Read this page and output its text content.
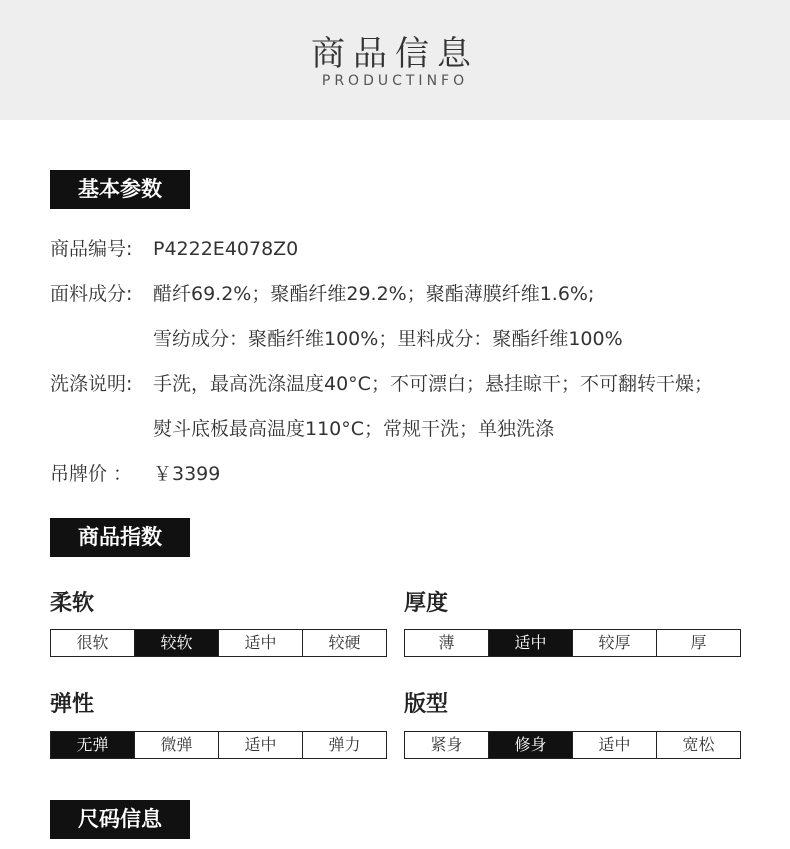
商品信息
PRODUCTINFO
基本参数
商品编号: P4222E4078Z0
面料成分: 醋纤69.2%；聚酯纤维29.2%；聚酯薄膜纤维1.6%;
雪纺成分：聚酯纤维100%；里料成分：聚酯纤维100%
洗涤说明: 手洗，最高洗涤温度40°C；不可漂白；悬挂晾干；不可翻转干燥；
熨斗底板最高温度110°C；常规干洗；单独洗涤
吊牌价 ： ￥3399
商品指数
柔软
很软	较软	适中	较硬
厚度
薄	适中	较厚	厚
弹性
无弹	微弹	适中	弹力
版型
紧身	修身	适中	宽松
尺码信息
